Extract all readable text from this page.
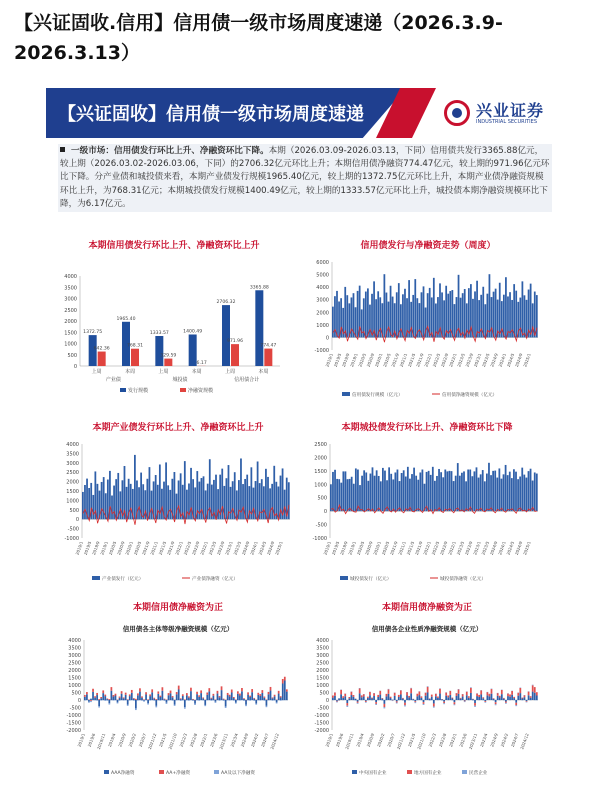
【兴证固收.信用】信用债一级市场周度速递（2026.3.9-2026.3.13）
【兴证固收】信用债一级市场周度速递	兴业证券
INDUSTRIAL SECURITIES
一级市场：信用债发行环比上升、净融资环比下降。本期（2026.03.09-2026.03.13，下同）信用债共发行3365.88亿元，较上期（2026.03.02-2026.03.06，下同）的2706.32亿元环比上升；本期信用债净融资774.47亿元，较上期的971.96亿元环比下降。分产业债和城投债来看，本期产业债发行规模1965.40亿元，较上期的1372.75亿元环比上升，本期产业债净融资规模环比上升，为768.31亿元；本期城投债发行规模1400.49亿元，较上期的1333.57亿元环比上升，城投债本期净融资规模环比下降，为6.17亿元。
本期信用债发行环比上升、净融资环比上升
0
500
1000
1500
2000
2500
3000
3500
4000
1372.75
642.36
上周
1965.40
768.31
本周
1333.57
329.59
上周
1400.49
6.17
本周
2706.32
971.96
上周
3365.88
774.47
本周
产业债	城投债	信用债合计
发行规模	净融资规模
信用债发行与净融资走势（周度）
-1000
0
1000
2000
3000
4000
5000
6000
2019/1
2019/5
2019/9
2019/1
2020/5
2020/9
2020/1
2020/5
2021/9
2021/1
2021/5
2021/9
2022/1
2022/5
2022/9
2022/1
2023/5
2023/9
2023/1
2023/5
2024/9
2024/1
2024/5
2024/9
2025/1
信用债发行规模（亿元）	信用债净融资规模（亿元）
本期产业债发行环比上升、净融资环比上升
-1000
-500
0
500
1000
1500
2000
2500
3000
3500
4000
2019/1
2019/5
2019/9
2019/1
2020/5
2020/9
2020/1
2020/5
2021/9
2021/1
2021/5
2021/9
2022/1
2022/5
2022/9
2022/1
2023/5
2023/9
2023/1
2023/5
2024/9
2024/1
2024/5
2024/9
2025/1
产业债发行（亿元）	产业债净融资（亿元）
本期城投债发行环比上升、净融资环比下降
-1000
-500
0
500
1000
1500
2000
2500
2019/1
2019/5
2019/9
2019/1
2020/5
2020/9
2020/1
2020/5
2021/9
2021/1
2021/5
2021/9
2022/1
2022/5
2022/9
2022/1
2023/5
2023/9
2023/1
2023/5
2024/9
2024/1
2024/5
2024/9
2025/1
城投债发行（亿元）	城投债净融资（亿元）
本期信用债净融资为正
信用债各主体等级净融资规模（亿元）
-2000
-1500
-1000
-500
0
500
1000
1500
2000
2500
3000
3500
4000
2019/1 2019/6 2019/11 2019/4 2020/9 2020/2 2020/7 2021/12 2021/5 2021/10 2022/3 2022/8 2022/1 2023/6 2023/11 2023/4 2024/9 2024/2 2024/7 2024/12
AAA净融资	AA+净融资	AA及以下净融资
本期信用债净融资为正
信用债各企业性质净融资规模（亿元）
-2000
-1500
-1000
-500
0
500
1000
1500
2000
2500
3000
3500
4000
2019/1 2019/6 2019/11 2019/4 2020/9 2020/2 2020/7 2021/12 2021/5 2021/10 2022/3 2022/8 2022/1 2023/6 2023/11 2023/4 2024/9 2024/2 2024/7 2024/12
中央国有企业	地方国有企业	民营企业
